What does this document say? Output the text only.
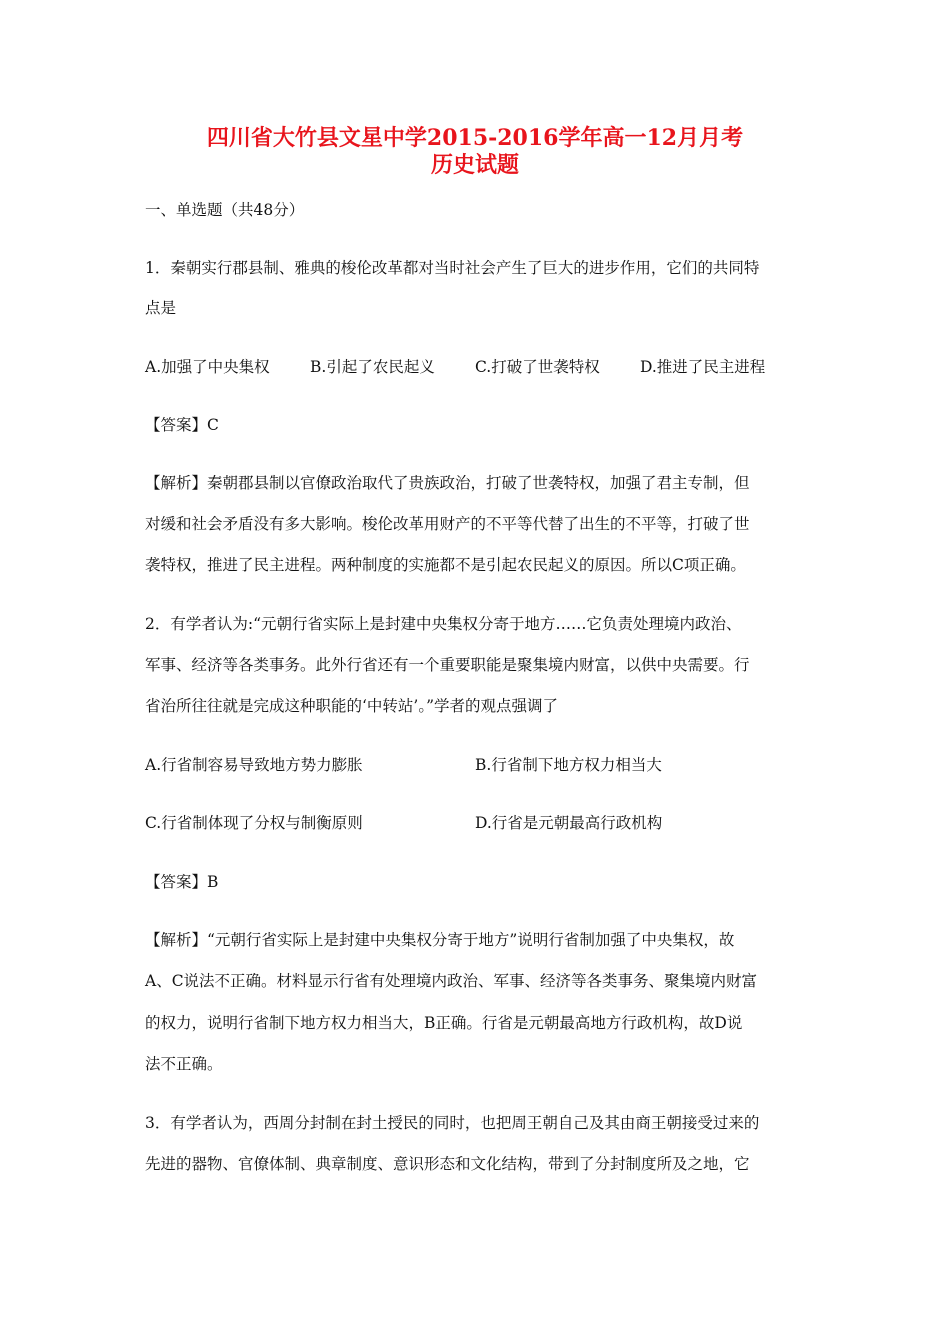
四川省大竹县文星中学2015-2016学年高一12月月考
历史试题
一、单选题（共48分）
1．秦朝实行郡县制、雅典的梭伦改革都对当时社会产生了巨大的进步作用，它们的共同特
点是
A.加强了中央集权	B.引起了农民起义	C.打破了世袭特权	D.推进了民主进程
【答案】C
【解析】秦朝郡县制以官僚政治取代了贵族政治，打破了世袭特权，加强了君主专制，但
对缓和社会矛盾没有多大影响。梭伦改革用财产的不平等代替了出生的不平等，打破了世
袭特权，推进了民主进程。两种制度的实施都不是引起农民起义的原因。所以C项正确。
2．有学者认为:“元朝行省实际上是封建中央集权分寄于地方……它负责处理境内政治、
军事、经济等各类事务。此外行省还有一个重要职能是聚集境内财富，以供中央需要。行
省治所往往就是完成这种职能的‘中转站’。”学者的观点强调了
A.行省制容易导致地方势力膨胀	B.行省制下地方权力相当大
C.行省制体现了分权与制衡原则	D.行省是元朝最高行政机构
【答案】B
【解析】“元朝行省实际上是封建中央集权分寄于地方”说明行省制加强了中央集权，故
A、C说法不正确。材料显示行省有处理境内政治、军事、经济等各类事务、聚集境内财富
的权力，说明行省制下地方权力相当大，B正确。行省是元朝最高地方行政机构，故D说
法不正确。
3．有学者认为，西周分封制在封土授民的同时，也把周王朝自己及其由商王朝接受过来的
先进的器物、官僚体制、典章制度、意识形态和文化结构，带到了分封制度所及之地，它
